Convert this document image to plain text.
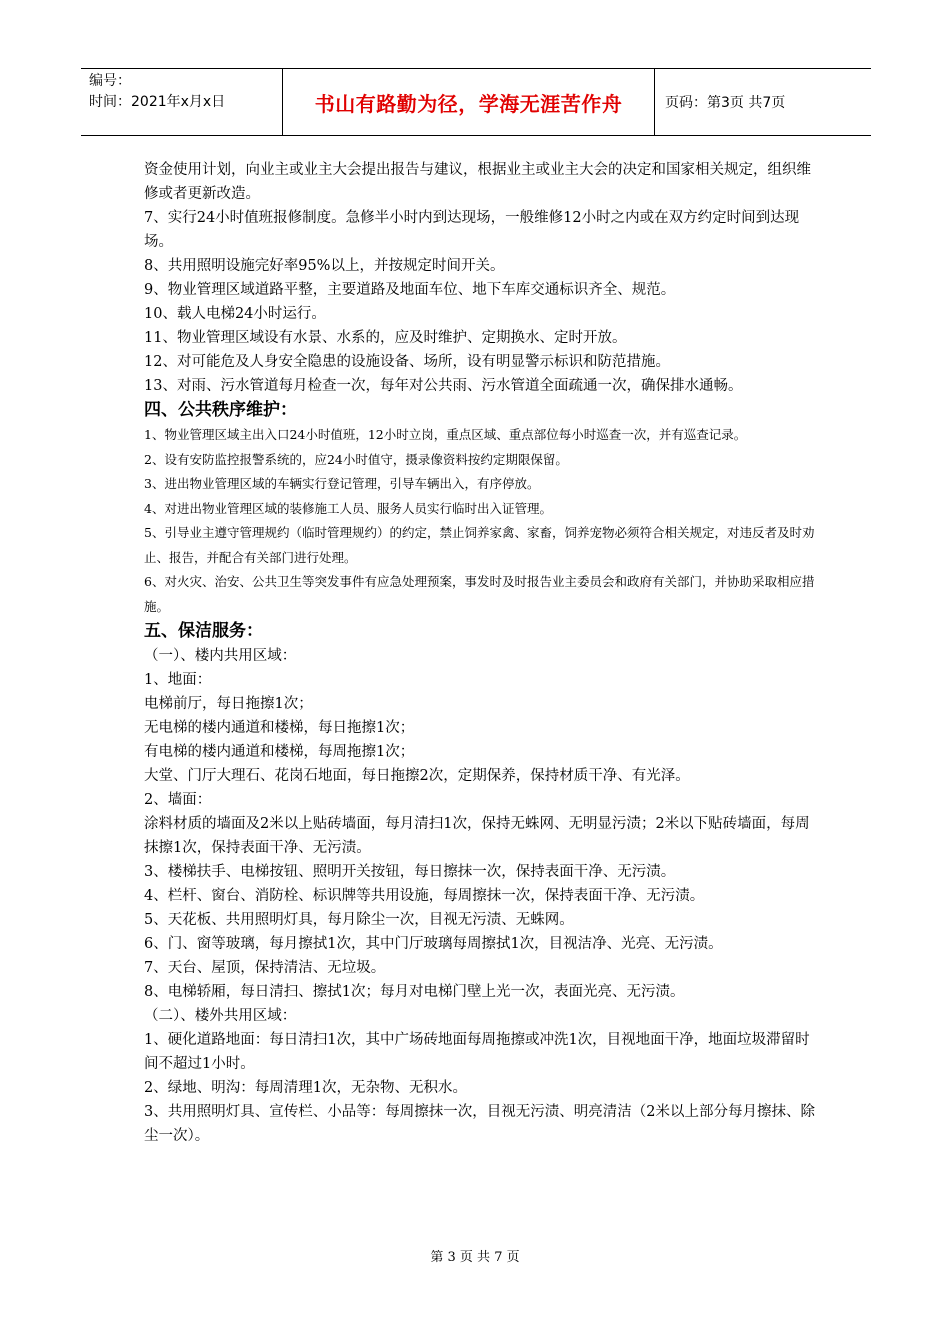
编号：
时间：2021年x月x日	书山有路勤为径，学海无涯苦作舟	页码：第3页 共7页

资金使用计划，向业主或业主大会提出报告与建议，根据业主或业主大会的决定和国家相关规定，组织维修或者更新改造。

7、实行24小时值班报修制度。急修半小时内到达现场，一般维修12小时之内或在双方约定时间到达现场。

8、共用照明设施完好率95%以上，并按规定时间开关。

9、物业管理区域道路平整，主要道路及地面车位、地下车库交通标识齐全、规范。

10、载人电梯24小时运行。

11、物业管理区域设有水景、水系的，应及时维护、定期换水、定时开放。

12、对可能危及人身安全隐患的设施设备、场所，设有明显警示标识和防范措施。

13、对雨、污水管道每月检查一次，每年对公共雨、污水管道全面疏通一次，确保排水通畅。

四、公共秩序维护：

1、物业管理区域主出入口24小时值班，12小时立岗，重点区域、重点部位每小时巡查一次，并有巡查记录。

2、设有安防监控报警系统的，应24小时值守，摄录像资料按约定期限保留。

3、进出物业管理区域的车辆实行登记管理，引导车辆出入，有序停放。

4、对进出物业管理区域的装修施工人员、服务人员实行临时出入证管理。

5、引导业主遵守管理规约（临时管理规约）的约定，禁止饲养家禽、家畜，饲养宠物必须符合相关规定，对违反者及时劝止、报告，并配合有关部门进行处理。

6、对火灾、治安、公共卫生等突发事件有应急处理预案，事发时及时报告业主委员会和政府有关部门，并协助采取相应措施。

五、保洁服务：

（一）、楼内共用区域：

1、地面：

电梯前厅，每日拖擦1次；

无电梯的楼内通道和楼梯，每日拖擦1次；

有电梯的楼内通道和楼梯，每周拖擦1次；

大堂、门厅大理石、花岗石地面，每日拖擦2次，定期保养，保持材质干净、有光泽。

2、墙面：

涂料材质的墙面及2米以上贴砖墙面，每月清扫1次，保持无蛛网、无明显污渍；2米以下贴砖墙面，每周抹擦1次，保持表面干净、无污渍。

3、楼梯扶手、电梯按钮、照明开关按钮，每日擦抹一次，保持表面干净、无污渍。

4、栏杆、窗台、消防栓、标识牌等共用设施，每周擦抹一次，保持表面干净、无污渍。

5、天花板、共用照明灯具，每月除尘一次，目视无污渍、无蛛网。

6、门、窗等玻璃，每月擦拭1次，其中门厅玻璃每周擦拭1次，目视洁净、光亮、无污渍。

7、天台、屋顶，保持清洁、无垃圾。

8、电梯轿厢，每日清扫、擦拭1次；每月对电梯门壁上光一次，表面光亮、无污渍。

（二）、楼外共用区域：

1、硬化道路地面：每日清扫1次，其中广场砖地面每周拖擦或冲洗1次，目视地面干净，地面垃圾滞留时间不超过1小时。

2、绿地、明沟：每周清理1次，无杂物、无积水。

3、共用照明灯具、宣传栏、小品等：每周擦抹一次，目视无污渍、明亮清洁（2米以上部分每月擦抹、除尘一次）。

第 3 页 共 7 页
